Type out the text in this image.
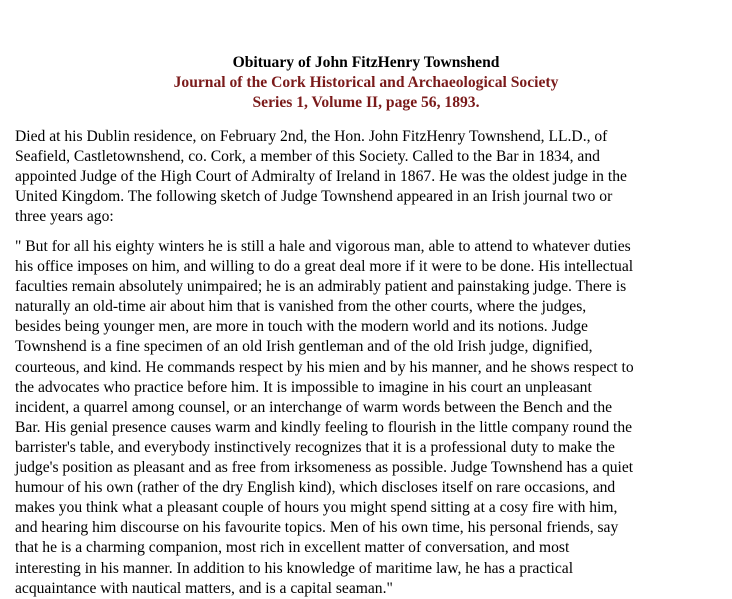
Obituary of John FitzHenry Townshend
Journal of the Cork Historical and Archaeological Society
Series 1, Volume II, page 56, 1893.

Died at his Dublin residence, on February 2nd, the Hon. John FitzHenry Townshend, LL.D., of
Seafield, Castletownshend, co. Cork, a member of this Society. Called to the Bar in 1834, and
appointed Judge of the High Court of Admiralty of Ireland in 1867. He was the oldest judge in the
United Kingdom. The following sketch of Judge Townshend appeared in an Irish journal two or
three years ago:

" But for all his eighty winters he is still a hale and vigorous man, able to attend to whatever duties
his office imposes on him, and willing to do a great deal more if it were to be done. His intellectual
faculties remain absolutely unimpaired; he is an admirably patient and painstaking judge. There is
naturally an old-time air about him that is vanished from the other courts, where the judges,
besides being younger men, are more in touch with the modern world and its notions. Judge
Townshend is a fine specimen of an old Irish gentleman and of the old Irish judge, dignified,
courteous, and kind. He commands respect by his mien and by his manner, and he shows respect to
the advocates who practice before him. It is impossible to imagine in his court an unpleasant
incident, a quarrel among counsel, or an interchange of warm words between the Bench and the
Bar. His genial presence causes warm and kindly feeling to flourish in the little company round the
barrister's table, and everybody instinctively recognizes that it is a professional duty to make the
judge's position as pleasant and as free from irksomeness as possible. Judge Townshend has a quiet
humour of his own (rather of the dry English kind), which discloses itself on rare occasions, and
makes you think what a pleasant couple of hours you might spend sitting at a cosy fire with him,
and hearing him discourse on his favourite topics. Men of his own time, his personal friends, say
that he is a charming companion, most rich in excellent matter of conversation, and most
interesting in his manner. In addition to his knowledge of maritime law, he has a practical
acquaintance with nautical matters, and is a capital seaman."
